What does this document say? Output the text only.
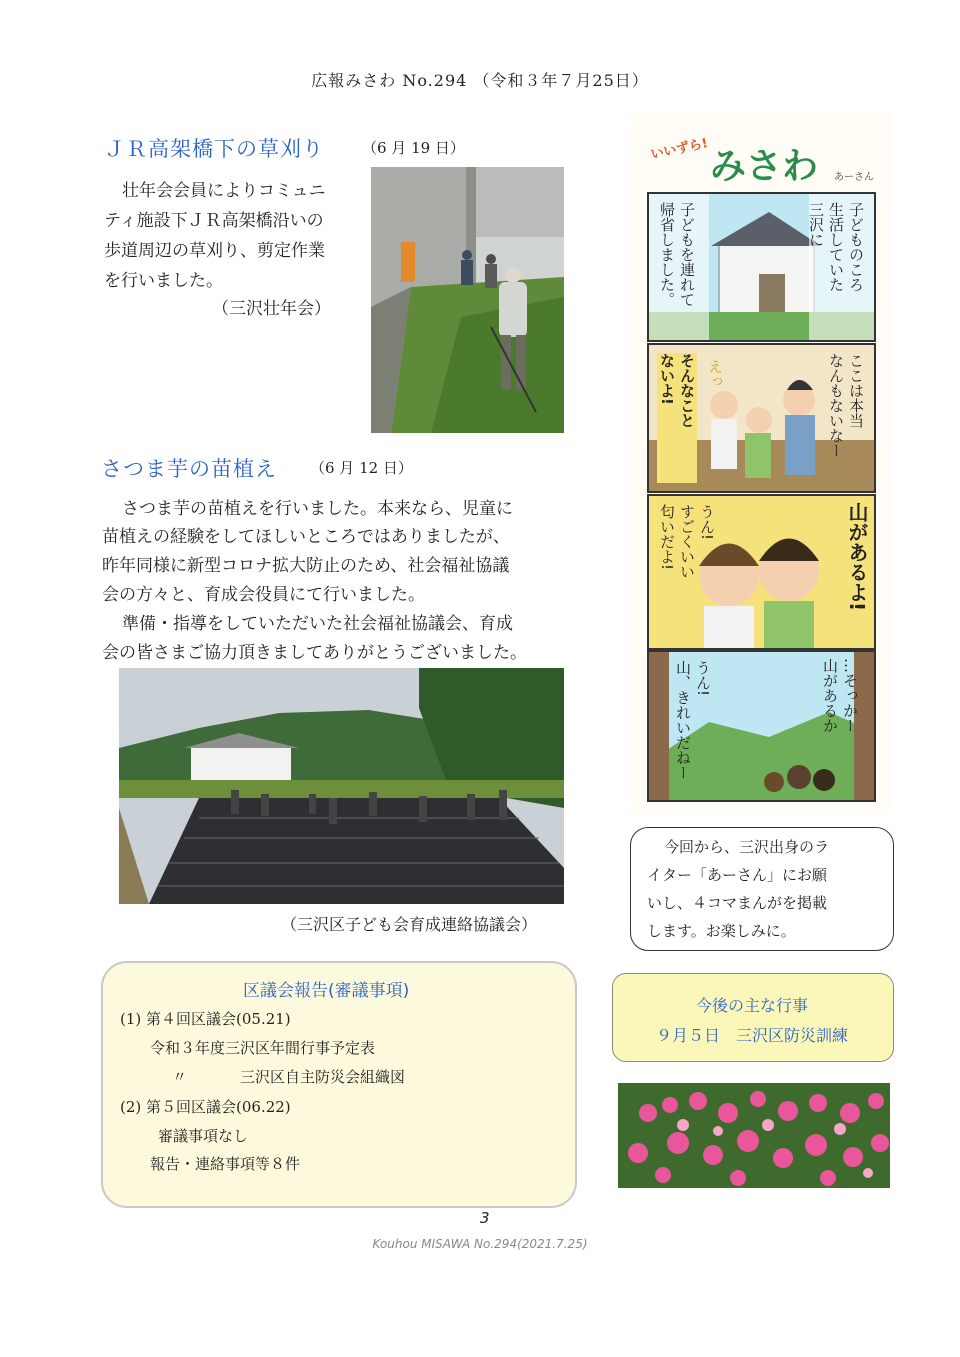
広報みさわ No.294 （令和３年７月25日）
ＪＲ高架橋下の草刈り	（6 月 19 日）
壮年会会員によりコミュニ
ティ施設下ＪＲ高架橋沿いの
歩道周辺の草刈り、剪定作業
を行いました。
（三沢壮年会）
さつま芋の苗植え （6 月 12 日）
さつま芋の苗植えを行いました。本来なら、児童に
苗植えの経験をしてほしいところではありましたが、
昨年同様に新型コロナ拡大防止のため、社会福祉協議
会の方々と、育成会役員にて行いました。
準備・指導をしていただいた社会福祉協議会、育成
会の皆さまご協力頂きましてありがとうございました。
（三沢区子ども会育成連絡協議会）
区議会報告(審議事項)
(1) 第４回区議会(05.21)
令和３年度三沢区年間行事予定表
〃	三沢区自主防災会組織図
(2) 第５回区議会(06.22)
審議事項なし
報告・連絡事項等８件
いいずら! みさわ あーさん
子どものころ
生活していた
三沢に
子どもを連れて
帰省しました。
ここは本当
なんもないなー
えっ
そんなこと
ないよ!
山があるよ!
うん!
すごくいい
匂いだよ!
…そっかー
山があるか
うん!
山、きれいだねー
今回から、三沢出身のラ
イター「あーさん」にお願
いし、４コマまんがを掲載
します。お楽しみに。
今後の主な行事
９月５日　三沢区防災訓練
3
Kouhou MISAWA No.294(2021.7.25)
